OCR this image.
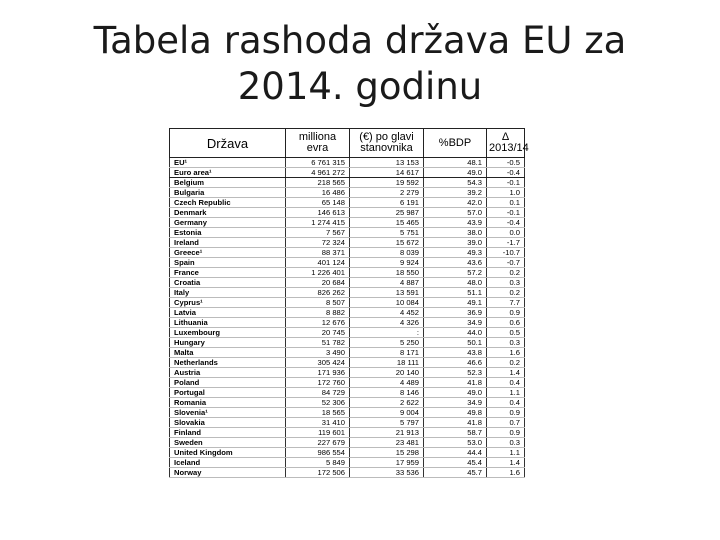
Tabela rashoda država EU za 2014. godinu
Država	milliona evra	(€) po glavi stanovnika	%BDP	Δ 2013/14
EU¹	6 761 315	13 153	48.1	-0.5
Euro area¹	4 961 272	14 617	49.0	-0.4
Belgium	218 565	19 592	54.3	-0.1
Bulgaria	16 486	2 279	39.2	1.0
Czech Republic	65 148	6 191	42.0	0.1
Denmark	146 613	25 987	57.0	-0.1
Germany	1 274 415	15 465	43.9	-0.4
Estonia	7 567	5 751	38.0	0.0
Ireland	72 324	15 672	39.0	-1.7
Greece¹	88 371	8 039	49.3	-10.7
Spain	401 124	9 924	43.6	-0.7
France	1 226 401	18 550	57.2	0.2
Croatia	20 684	4 887	48.0	0.3
Italy	826 262	13 591	51.1	0.2
Cyprus¹	8 507	10 084	49.1	7.7
Latvia	8 882	4 452	36.9	0.9
Lithuania	12 676	4 326	34.9	0.6
Luxembourg	20 745	:	44.0	0.5
Hungary	51 782	5 250	50.1	0.3
Malta	3 490	8 171	43.8	1.6
Netherlands	305 424	18 111	46.6	0.2
Austria	171 936	20 140	52.3	1.4
Poland	172 760	4 489	41.8	0.4
Portugal	84 729	8 146	49.0	1.1
Romania	52 306	2 622	34.9	0.4
Slovenia¹	18 565	9 004	49.8	0.9
Slovakia	31 410	5 797	41.8	0.7
Finland	119 601	21 913	58.7	0.9
Sweden	227 679	23 481	53.0	0.3
United Kingdom	986 554	15 298	44.4	1.1
Iceland	5 849	17 959	45.4	1.4
Norway	172 506	33 536	45.7	1.6
